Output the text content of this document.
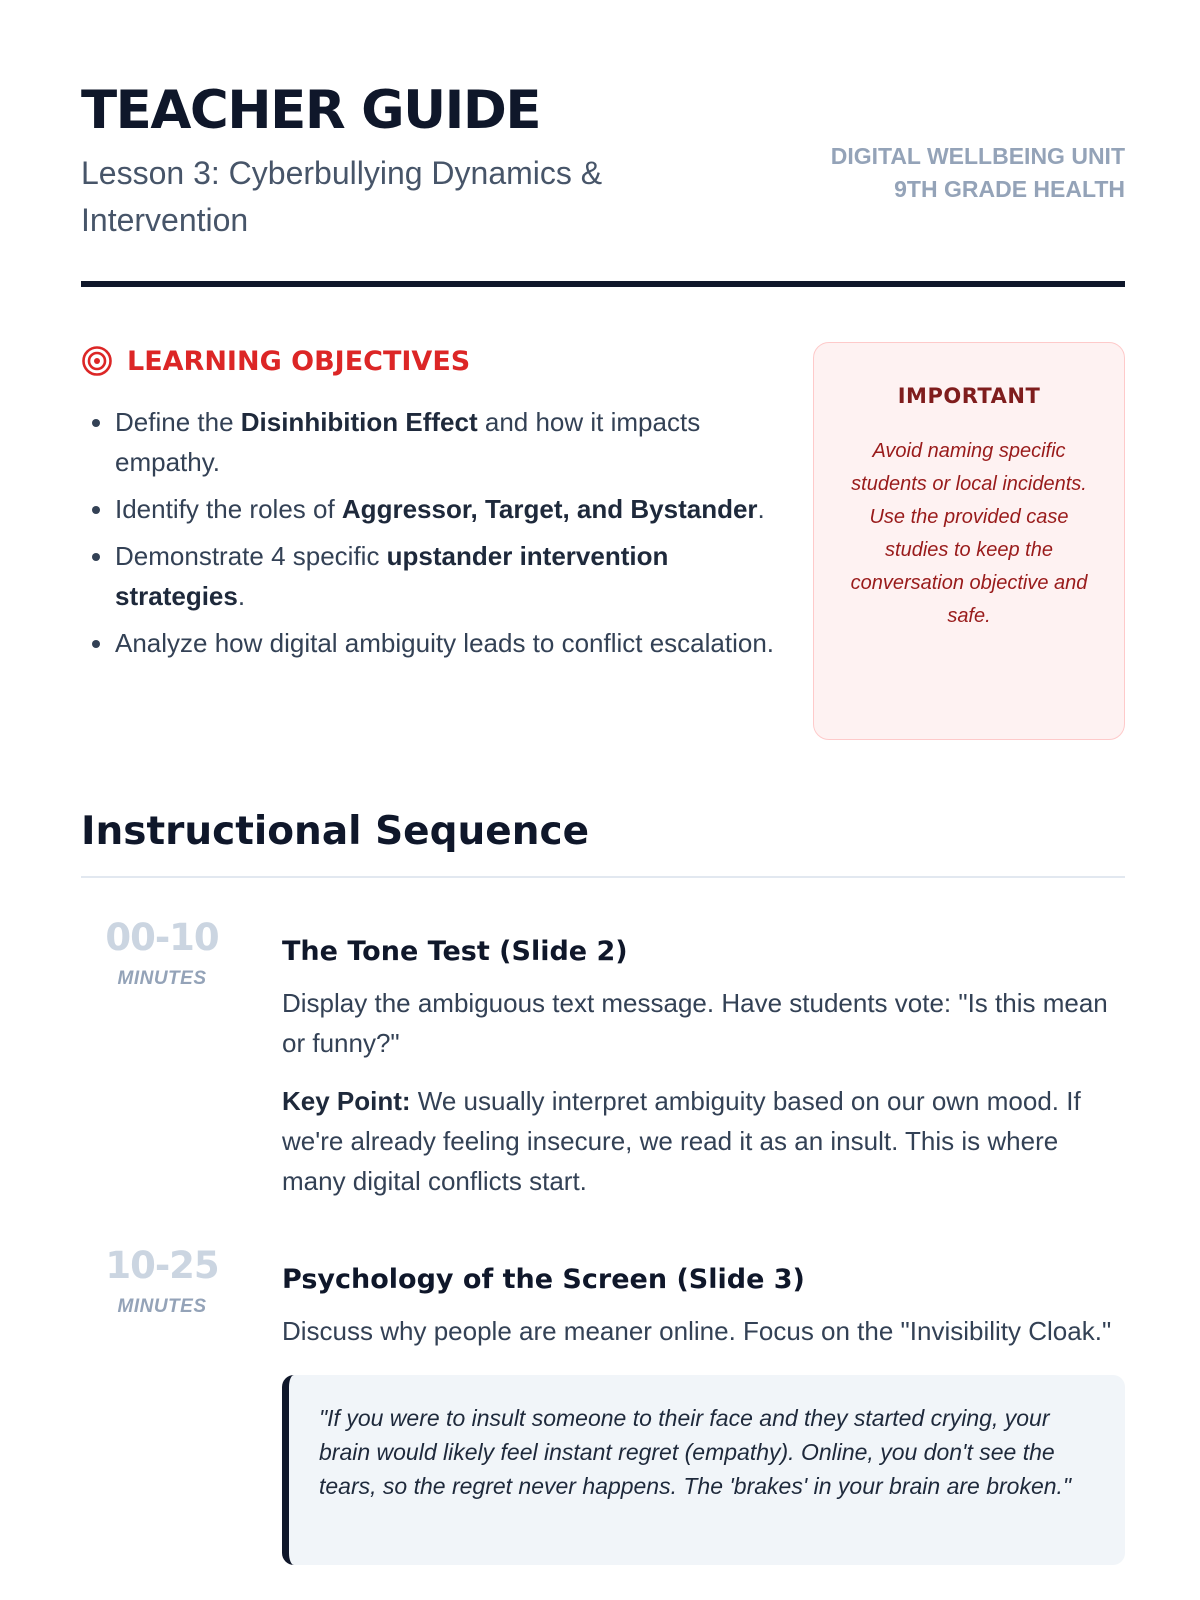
TEACHER GUIDE
Lesson 3: Cyberbullying Dynamics & Intervention
DIGITAL WELLBEING UNIT
9TH GRADE HEALTH
LEARNING OBJECTIVES
• Define the Disinhibition Effect and how it impacts empathy.
• Identify the roles of Aggressor, Target, and Bystander.
• Demonstrate 4 specific upstander intervention strategies.
• Analyze how digital ambiguity leads to conflict escalation.
IMPORTANT
Avoid naming specific students or local incidents. Use the provided case studies to keep the conversation objective and safe.
Instructional Sequence
00-10
MINUTES
The Tone Test (Slide 2)

Display the ambiguous text message. Have students vote: "Is this mean or funny?"

Key Point: We usually interpret ambiguity based on our own mood. If we're already feeling insecure, we read it as an insult. This is where many digital conflicts start.

10-25
MINUTES
Psychology of the Screen (Slide 3)

Discuss why people are meaner online. Focus on the "Invisibility Cloak."

"If you were to insult someone to their face and they started crying, your brain would likely feel instant regret (empathy). Online, you don't see the tears, so the regret never happens. The 'brakes' in your brain are broken."
